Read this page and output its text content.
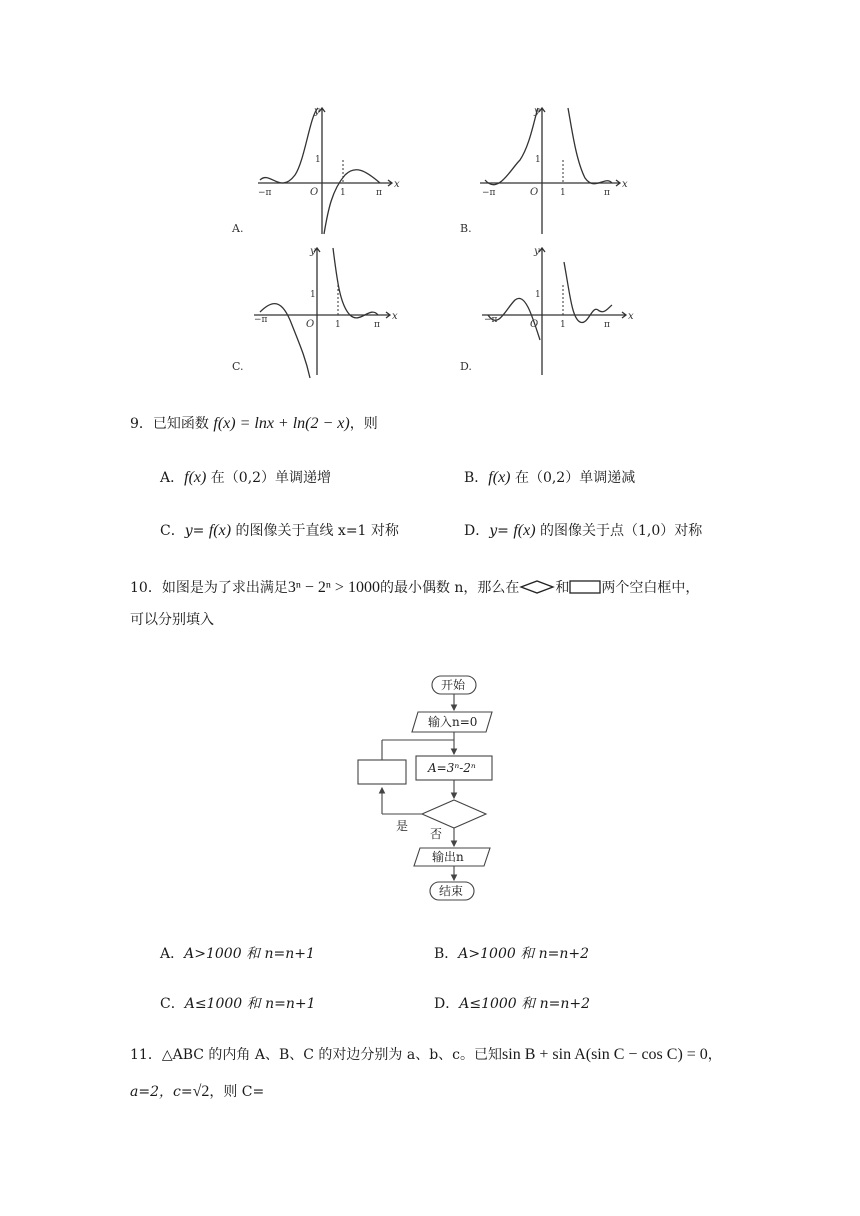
A.
y
x
O
1
1
−π	π
B.
y
x
O
1
1
−π	π
C.
y
x
O
1
1
−π	π
D.
y
x
O
1
1
−π	π
9．已知函数 f(x) = lnx + ln(2 − x)，则
A．f(x) 在（0,2）单调递增	B．f(x) 在（0,2）单调递减
C．y= f(x) 的图像关于直线 x=1 对称	D．y= f(x) 的图像关于点（1,0）对称
10．如图是为了求出满足3ⁿ − 2ⁿ > 1000的最小偶数 n，那么在	和 两个空白框中，
可以分别填入
开始
输入n=0
A=3ⁿ-2ⁿ
是
否
输出n
结束
A．A>1000 和 n=n+1	B．A>1000 和 n=n+2
C．A≤1000 和 n=n+1	D．A≤1000 和 n=n+2
11．△ABC 的内角 A、B、C 的对边分别为 a、b、c。已知sin B + sin A(sin C − cos C) = 0，
a=2，c=√2，则 C=
